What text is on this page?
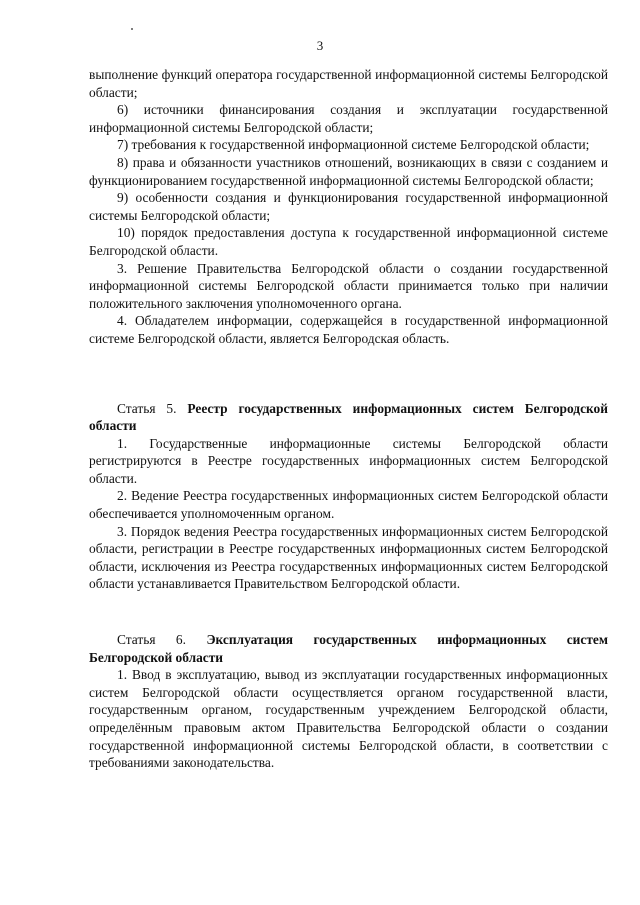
3

выполнение функций оператора государственной информационной системы Белгородской области;

6) источники финансирования создания и эксплуатации государственной информационной системы Белгородской области;

7) требования к государственной информационной системе Белгородской области;

8) права и обязанности участников отношений, возникающих в связи с созданием и функционированием государственной информационной системы Белгородской области;

9) особенности создания и функционирования государственной информационной системы Белгородской области;

10) порядок предоставления доступа к государственной информационной системе Белгородской области.

3. Решение Правительства Белгородской области о создании государственной информационной системы Белгородской области принимается только при наличии положительного заключения уполномоченного органа.

4. Обладателем информации, содержащейся в государственной информационной системе Белгородской области, является Белгородская область.

Статья 5. Реестр государственных информационных систем Белгородской области

1. Государственные информационные системы Белгородской области регистрируются в Реестре государственных информационных систем Белгородской области.

2. Ведение Реестра государственных информационных систем Белгородской области обеспечивается уполномоченным органом.

3. Порядок ведения Реестра государственных информационных систем Белгородской области, регистрации в Реестре государственных информационных систем Белгородской области, исключения из Реестра государственных информационных систем Белгородской области устанавливается Правительством Белгородской области.

Статья 6. Эксплуатация государственных информационных систем Белгородской области

1. Ввод в эксплуатацию, вывод из эксплуатации государственных информационных систем Белгородской области осуществляется органом государственной власти, государственным органом, государственным учреждением Белгородской области, определённым правовым актом Правительства Белгородской области о создании государственной информационной системы Белгородской области, в соответствии с требованиями законодательства.
